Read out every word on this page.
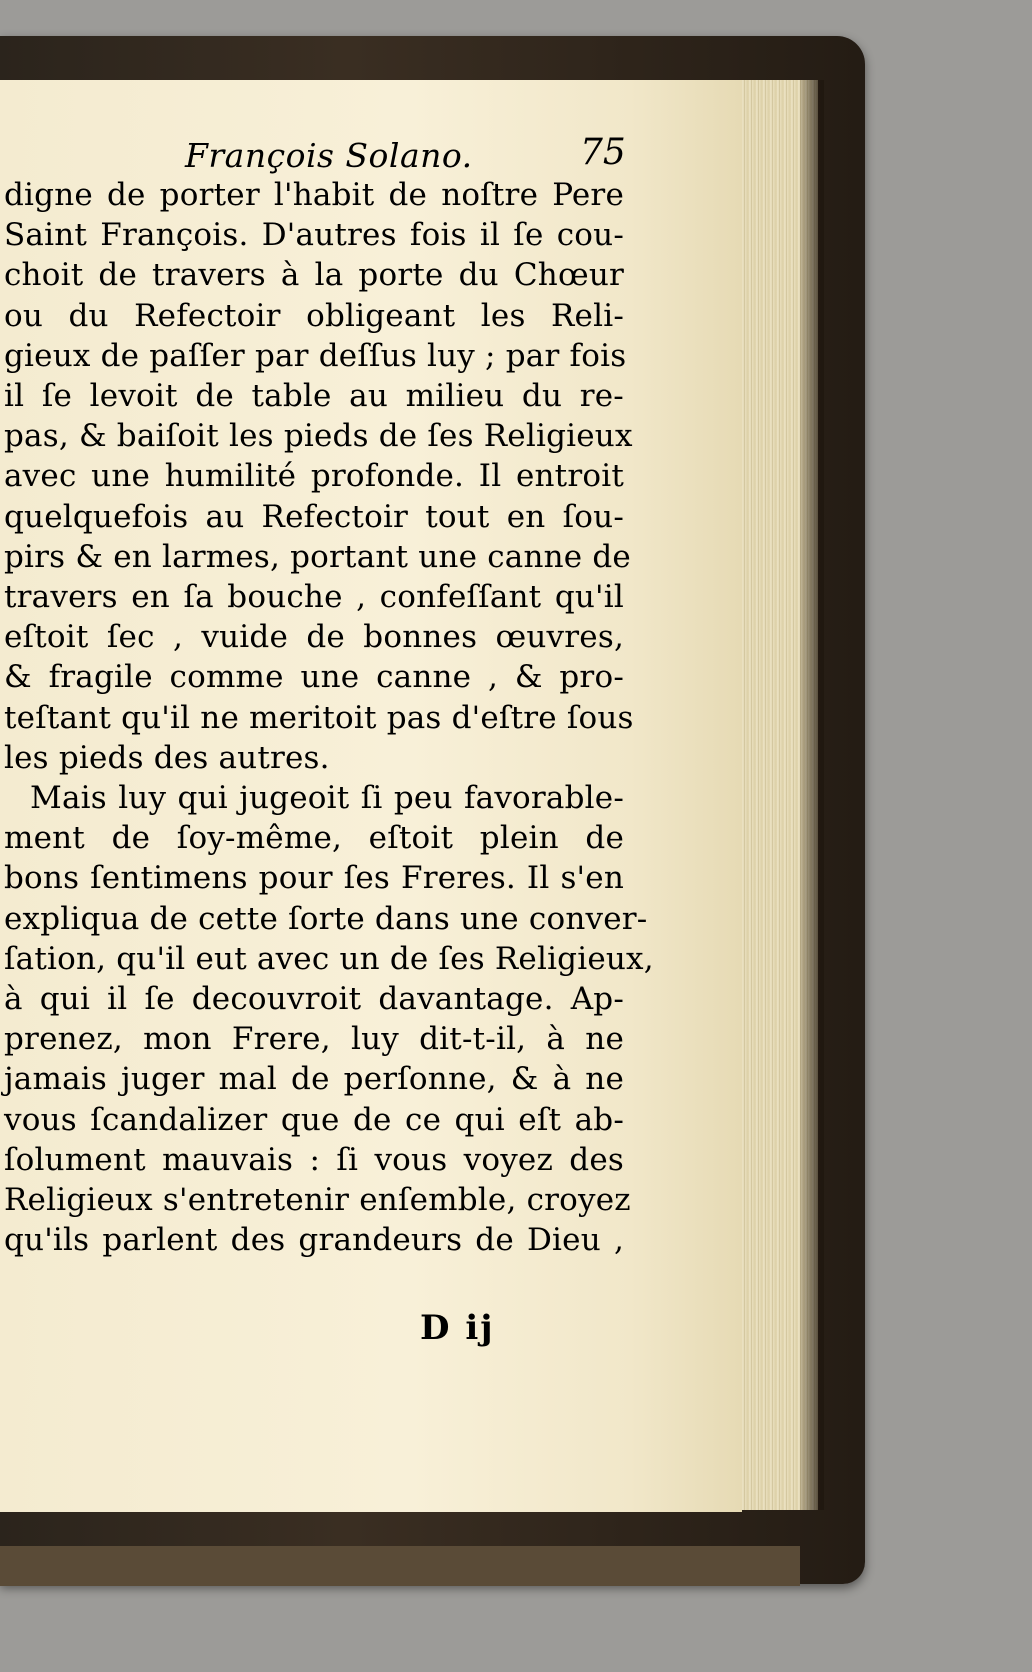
François Solano.	75
digne de porter l'habit de noſtre Pere
Saint François. D'autres fois il ſe cou-
choit de travers à la porte du Chœur
ou du Refectoir obligeant les Reli-
gieux de paſſer par deſſus luy ; par fois
il ſe levoit de table au milieu du re-
pas, & baiſoit les pieds de ſes Religieux
avec une humilité profonde. Il entroit
quelquefois au Refectoir tout en ſou-
pirs & en larmes, portant une canne de
travers en ſa bouche , confeſſant qu'il
eſtoit ſec , vuide de bonnes œuvres,
& fragile comme une canne , & pro-
teſtant qu'il ne meritoit pas d'eſtre ſous
les pieds des autres.
Mais luy qui jugeoit ſi peu favorable-
ment de ſoy-même, eſtoit plein de
bons ſentimens pour ſes Freres. Il s'en
expliqua de cette ſorte dans une conver-
ſation, qu'il eut avec un de ſes Religieux,
à qui il ſe decouvroit davantage. Ap-
prenez, mon Frere, luy dit-t-il, à ne
jamais juger mal de perſonne, & à ne
vous ſcandalizer que de ce qui eſt ab-
ſolument mauvais : ſi vous voyez des
Religieux s'entretenir enſemble, croyez
qu'ils parlent des grandeurs de Dieu ,
D ij
